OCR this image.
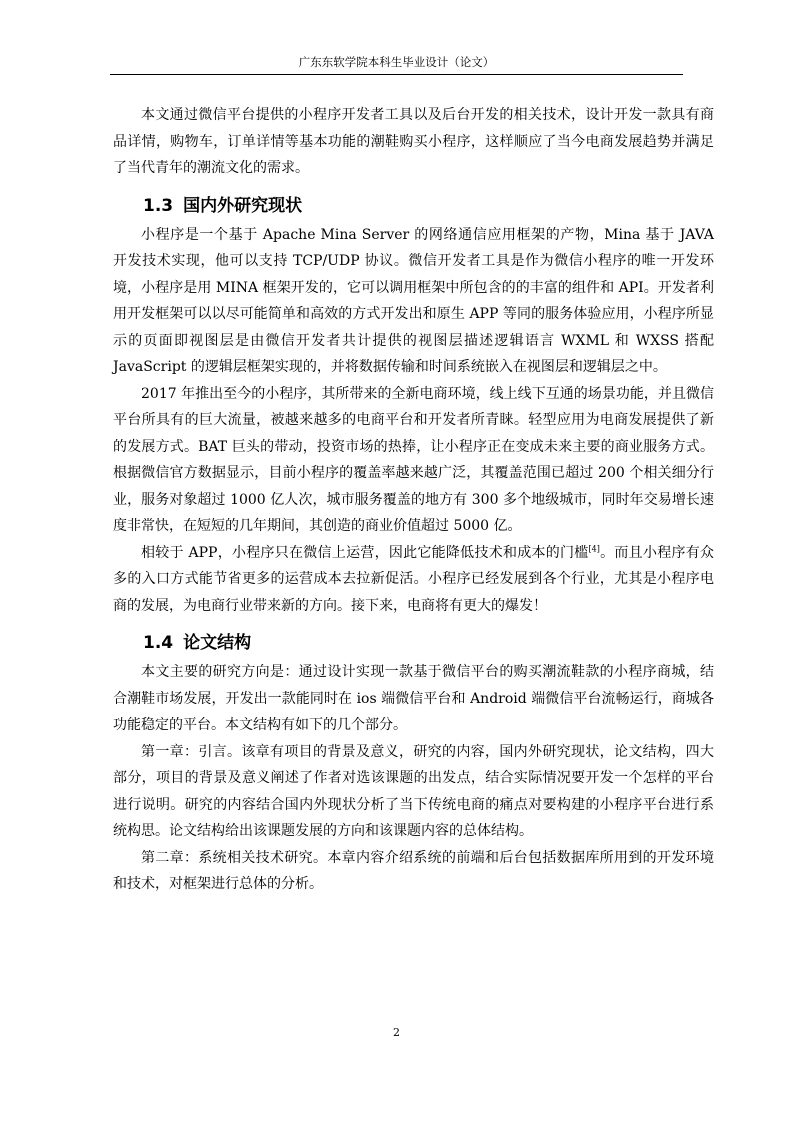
广东东软学院本科生毕业设计（论文）

本文通过微信平台提供的小程序开发者工具以及后台开发的相关技术，设计开发一款具有商品详情，购物车，订单详情等基本功能的潮鞋购买小程序，这样顺应了当今电商发展趋势并满足了当代青年的潮流文化的需求。

1.3 国内外研究现状

小程序是一个基于 Apache Mina Server 的网络通信应用框架的产物，Mina 基于 JAVA 开发技术实现，他可以支持 TCP/UDP 协议。微信开发者工具是作为微信小程序的唯一开发环境，小程序是用 MINA 框架开发的，它可以调用框架中所包含的的丰富的组件和 API。开发者利用开发框架可以以尽可能简单和高效的方式开发出和原生 APP 等同的服务体验应用，小程序所显示的页面即视图层是由微信开发者共计提供的视图层描述逻辑语言 WXML 和 WXSS 搭配 JavaScript 的逻辑层框架实现的，并将数据传输和时间系统嵌入在视图层和逻辑层之中。

2017 年推出至今的小程序，其所带来的全新电商环境，线上线下互通的场景功能，并且微信平台所具有的巨大流量，被越来越多的电商平台和开发者所青睐。轻型应用为电商发展提供了新的发展方式。BAT 巨头的带动，投资市场的热捧，让小程序正在变成未来主要的商业服务方式。根据微信官方数据显示，目前小程序的覆盖率越来越广泛，其覆盖范围已超过 200 个相关细分行业，服务对象超过 1000 亿人次，城市服务覆盖的地方有 300 多个地级城市，同时年交易增长速度非常快，在短短的几年期间，其创造的商业价值超过 5000 亿。

相较于 APP，小程序只在微信上运营，因此它能降低技术和成本的门槛[4]。而且小程序有众多的入口方式能节省更多的运营成本去拉新促活。小程序已经发展到各个行业，尤其是小程序电商的发展，为电商行业带来新的方向。接下来，电商将有更大的爆发！

1.4 论文结构

本文主要的研究方向是：通过设计实现一款基于微信平台的购买潮流鞋款的小程序商城，结合潮鞋市场发展，开发出一款能同时在 ios 端微信平台和 Android 端微信平台流畅运行，商城各功能稳定的平台。本文结构有如下的几个部分。

第一章：引言。该章有项目的背景及意义，研究的内容，国内外研究现状，论文结构，四大部分，项目的背景及意义阐述了作者对选该课题的出发点，结合实际情况要开发一个怎样的平台进行说明。研究的内容结合国内外现状分析了当下传统电商的痛点对要构建的小程序平台进行系统构思。论文结构给出该课题发展的方向和该课题内容的总体结构。

第二章：系统相关技术研究。本章内容介绍系统的前端和后台包括数据库所用到的开发环境和技术，对框架进行总体的分析。

2
